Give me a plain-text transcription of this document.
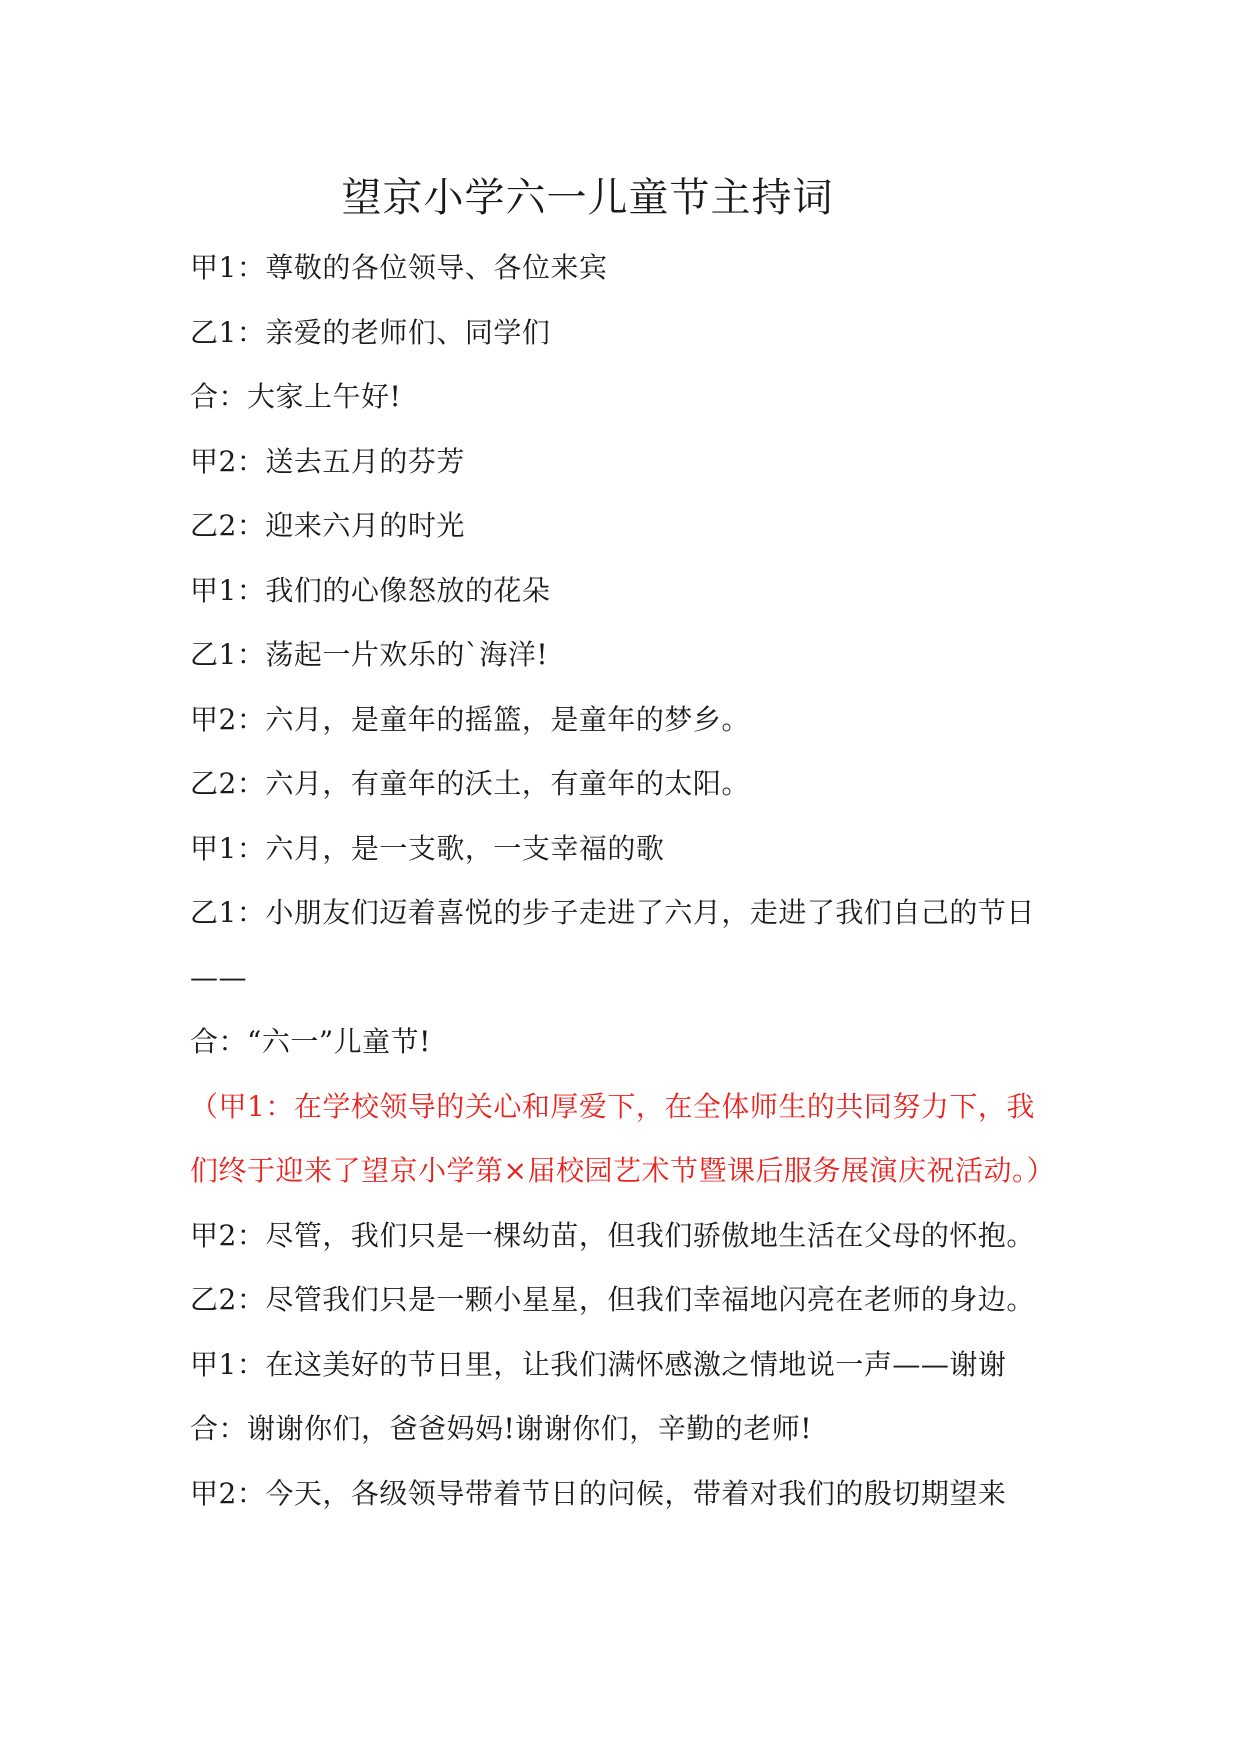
望京小学六一儿童节主持词

甲1：尊敬的各位领导、各位来宾

乙1：亲爱的老师们、同学们

合：大家上午好!

甲2：送去五月的芬芳

乙2：迎来六月的时光

甲1：我们的心像怒放的花朵

乙1：荡起一片欢乐的`海洋!

甲2：六月，是童年的摇篮，是童年的梦乡。

乙2：六月，有童年的沃土，有童年的太阳。

甲1：六月，是一支歌，一支幸福的歌

乙1：小朋友们迈着喜悦的步子走进了六月，走进了我们自己的节日——

合：“六一”儿童节!

（甲1：在学校领导的关心和厚爱下，在全体师生的共同努力下，我们终于迎来了望京小学第×届校园艺术节暨课后服务展演庆祝活动。）

甲2：尽管，我们只是一棵幼苗，但我们骄傲地生活在父母的怀抱。

乙2：尽管我们只是一颗小星星，但我们幸福地闪亮在老师的身边。

甲1：在这美好的节日里，让我们满怀感激之情地说一声——谢谢

合：谢谢你们，爸爸妈妈!谢谢你们，辛勤的老师!

甲2：今天，各级领导带着节日的问候，带着对我们的殷切期望来
